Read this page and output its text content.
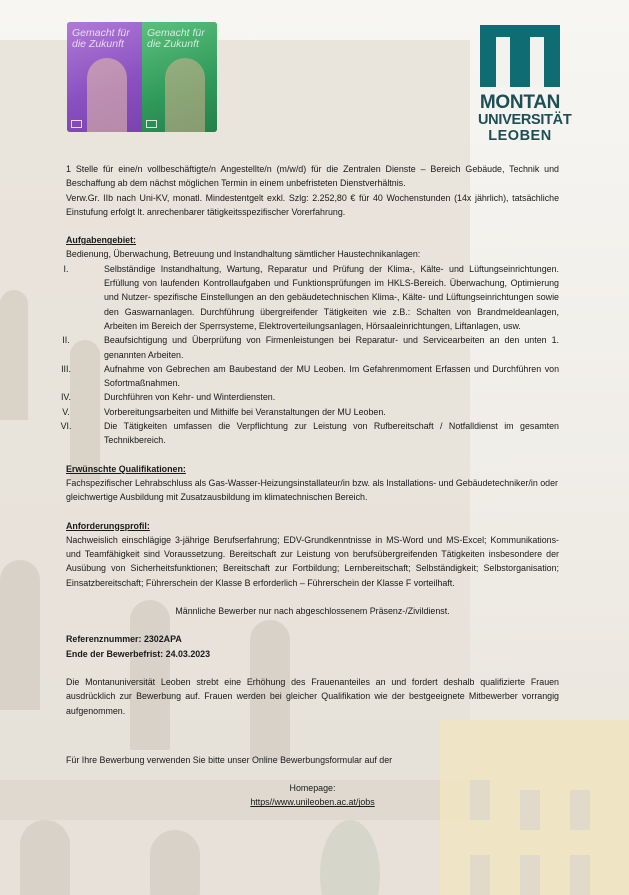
Gemacht für die Zukunft
Gemacht für die Zukunft
MONTAN
UNIVERSITÄT
LEOBEN

1 Stelle für eine/n vollbeschäftigte/n Angestellte/n (m/w/d) für die Zentralen Dienste – Bereich Gebäude, Technik und Beschaffung ab dem nächst möglichen Termin in einem unbefristeten Dienstverhältnis.

Verw.Gr. IIb nach Uni-KV, monatl. Mindestentgelt exkl. Szlg: 2.252,80 € für 40 Wochenstunden (14x jährlich), tatsächliche Einstufung erfolgt lt. anrechenbarer tätigkeitsspezifischer Vorerfahrung.

Aufgabengebiet:

Bedienung, Überwachung, Betreuung und Instandhaltung sämtlicher Haustechnikanlagen:

I.	Selbständige Instandhaltung, Wartung, Reparatur und Prüfung der Klima-, Kälte- und Lüftungseinrichtungen. Erfüllung von laufenden Kontrollaufgaben und Funktionsprüfungen im HKLS-Bereich. Überwachung, Optimierung und Nutzer- spezifische Einstellungen an den gebäudetechnischen Klima-, Kälte- und Lüftungseinrichtungen sowie den Gaswarnanlagen. Durchführung übergreifender Tätigkeiten wie z.B.: Schalten von Brandmeldeanlagen, Arbeiten im Bereich der Sperrsysteme, Elektroverteilungsanlagen, Hörsaaleinrichtungen, Liftanlagen, usw.
II.	Beaufsichtigung und Überprüfung von Firmenleistungen bei Reparatur- und Servicearbeiten an den unten 1. genannten Arbeiten.
III.	Aufnahme von Gebrechen am Baubestand der MU Leoben. Im Gefahrenmoment Erfassen und Durchführen von Sofortmaßnahmen.
IV.	Durchführen von Kehr- und Winterdiensten.
V.	Vorbereitungsarbeiten und Mithilfe bei Veranstaltungen der MU Leoben.
VI.	Die Tätigkeiten umfassen die Verpflichtung zur Leistung von Rufbereitschaft / Notfalldienst im gesamten Technikbereich.

Erwünschte Qualifikationen:

Fachspezifischer Lehrabschluss als Gas-Wasser-Heizungsinstallateur/in bzw. als Installations- und Gebäudetechniker/in oder gleichwertige Ausbildung mit Zusatzausbildung im klimatechnischen Bereich.

Anforderungsprofil:

Nachweislich einschlägige 3-jährige Berufserfahrung; EDV-Grundkenntnisse in MS-Word und MS-Excel; Kommunikations- und Teamfähigkeit sind Voraussetzung. Bereitschaft zur Leistung von berufsübergreifenden Tätigkeiten insbesondere der Ausübung von Sicherheitsfunktionen; Bereitschaft zur Fortbildung; Lernbereitschaft; Selbständigkeit; Selbstorganisation; Einsatzbereitschaft; Führerschein der Klasse B erforderlich – Führerschein der Klasse F vorteilhaft.

Männliche Bewerber nur nach abgeschlossenem Präsenz-/Zivildienst.

Referenznummer: 2302APA

Ende der Bewerbefrist: 24.03.2023

Die Montanuniversität Leoben strebt eine Erhöhung des Frauenanteiles an und fordert deshalb qualifizierte Frauen ausdrücklich zur Bewerbung auf. Frauen werden bei gleicher Qualifikation wie der bestgeeignete Mitbewerber vorrangig aufgenommen.

Für Ihre Bewerbung verwenden Sie bitte unser Online Bewerbungsformular auf der

Homepage:

https//www.unileoben.ac.at/jobs
